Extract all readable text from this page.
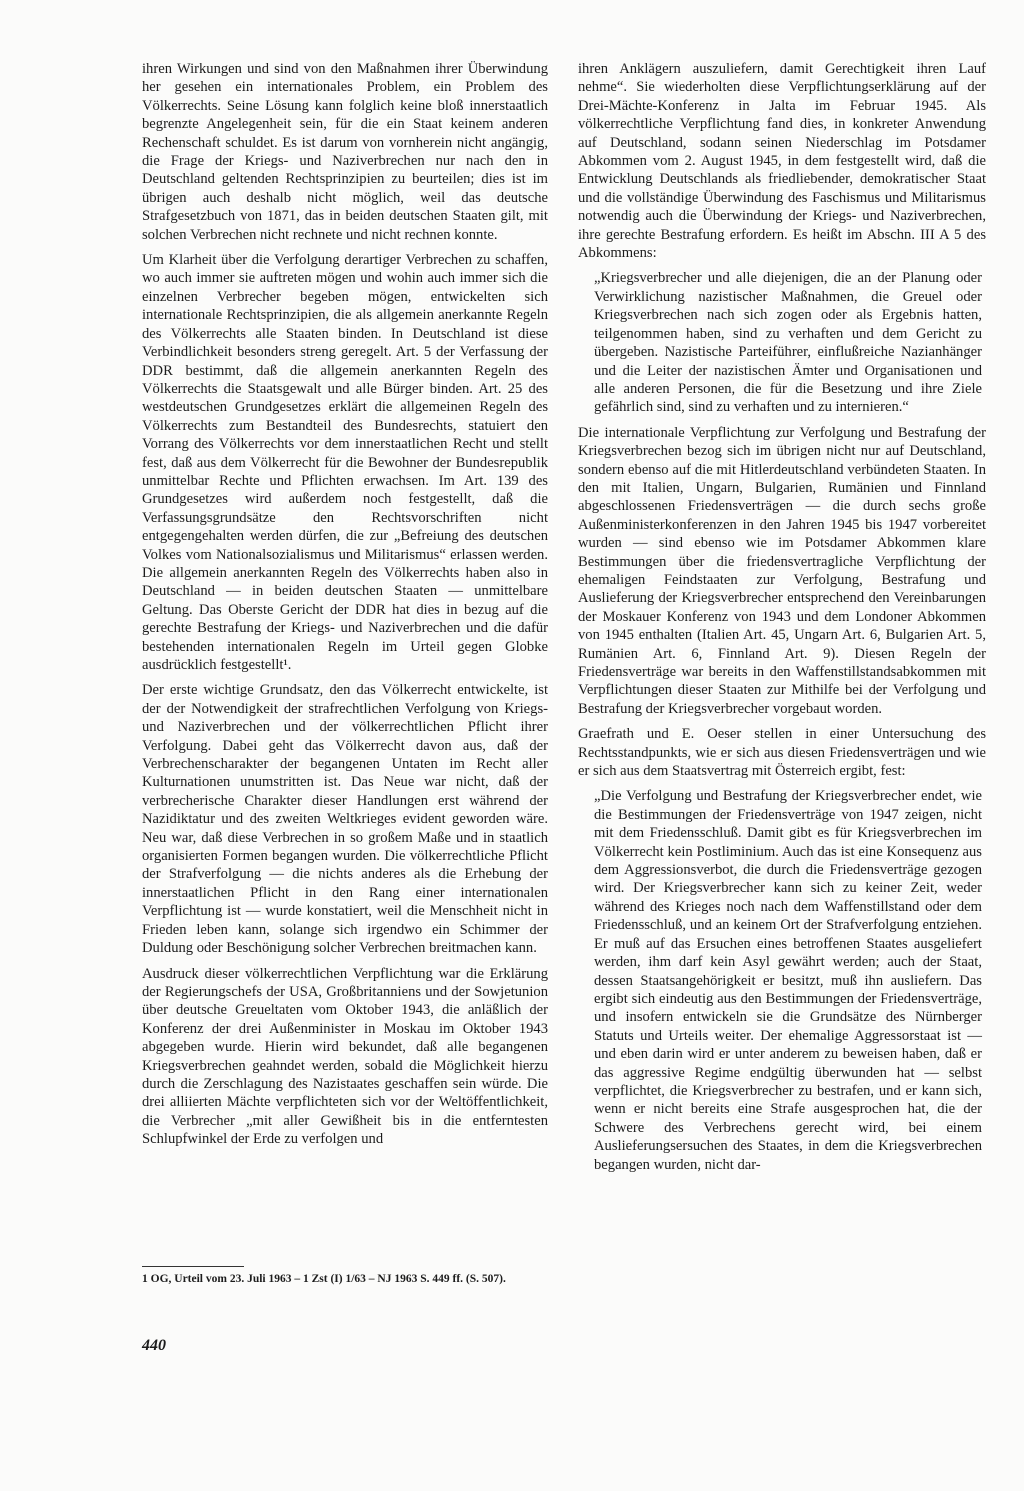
ihren Wirkungen und sind von den Maßnahmen ihrer Überwindung her gesehen ein internationales Problem, ein Problem des Völkerrechts. Seine Lösung kann folglich keine bloß innerstaatlich begrenzte Angelegenheit sein, für die ein Staat keinem anderen Rechenschaft schuldet. Es ist darum von vornherein nicht angängig, die Frage der Kriegs- und Naziverbrechen nur nach den in Deutschland geltenden Rechtsprinzipien zu beurteilen; dies ist im übrigen auch deshalb nicht möglich, weil das deutsche Strafgesetzbuch von 1871, das in beiden deutschen Staaten gilt, mit solchen Verbrechen nicht rechnete und nicht rechnen konnte.

Um Klarheit über die Verfolgung derartiger Verbrechen zu schaffen, wo auch immer sie auftreten mögen und wohin auch immer sich die einzelnen Verbrecher begeben mögen, entwickelten sich internationale Rechtsprinzipien, die als allgemein anerkannte Regeln des Völkerrechts alle Staaten binden. In Deutschland ist diese Verbindlichkeit besonders streng geregelt. Art. 5 der Verfassung der DDR bestimmt, daß die allgemein anerkannten Regeln des Völkerrechts die Staatsgewalt und alle Bürger binden. Art. 25 des westdeutschen Grundgesetzes erklärt die allgemeinen Regeln des Völkerrechts zum Bestandteil des Bundesrechts, statuiert den Vorrang des Völkerrechts vor dem innerstaatlichen Recht und stellt fest, daß aus dem Völkerrecht für die Bewohner der Bundesrepublik unmittelbar Rechte und Pflichten erwachsen. Im Art. 139 des Grundgesetzes wird außerdem noch festgestellt, daß die Verfassungsgrundsätze den Rechtsvorschriften nicht entgegengehalten werden dürfen, die zur „Befreiung des deutschen Volkes vom Nationalsozialismus und Militarismus“ erlassen werden. Die allgemein anerkannten Regeln des Völkerrechts haben also in Deutschland — in beiden deutschen Staaten — unmittelbare Geltung. Das Oberste Gericht der DDR hat dies in bezug auf die gerechte Bestrafung der Kriegs- und Naziverbrechen und die dafür bestehenden internationalen Regeln im Urteil gegen Globke ausdrücklich festgestellt¹.

Der erste wichtige Grundsatz, den das Völkerrecht entwickelte, ist der der Notwendigkeit der strafrechtlichen Verfolgung von Kriegs- und Naziverbrechen und der völkerrechtlichen Pflicht ihrer Verfolgung. Dabei geht das Völkerrecht davon aus, daß der Verbrechenscharakter der begangenen Untaten im Recht aller Kulturnationen unumstritten ist. Das Neue war nicht, daß der verbrecherische Charakter dieser Handlungen erst während der Nazidiktatur und des zweiten Weltkrieges evident geworden wäre. Neu war, daß diese Verbrechen in so großem Maße und in staatlich organisierten Formen begangen wurden. Die völkerrechtliche Pflicht der Strafverfolgung — die nichts anderes als die Erhebung der innerstaatlichen Pflicht in den Rang einer internationalen Verpflichtung ist — wurde konstatiert, weil die Menschheit nicht in Frieden leben kann, solange sich irgendwo ein Schimmer der Duldung oder Beschönigung solcher Verbrechen breitmachen kann.

Ausdruck dieser völkerrechtlichen Verpflichtung war die Erklärung der Regierungschefs der USA, Großbritanniens und der Sowjetunion über deutsche Greueltaten vom Oktober 1943, die anläßlich der Konferenz der drei Außenminister in Moskau im Oktober 1943 abgegeben wurde. Hierin wird bekundet, daß alle begangenen Kriegsverbrechen geahndet werden, sobald die Möglichkeit hierzu durch die Zerschlagung des Nazistaates geschaffen sein würde. Die drei alliierten Mächte verpflichteten sich vor der Weltöffentlichkeit, die Verbrecher „mit aller Gewißheit bis in die entferntesten Schlupfwinkel der Erde zu verfolgen und

ihren Anklägern auszuliefern, damit Gerechtigkeit ihren Lauf nehme“. Sie wiederholten diese Verpflichtungserklärung auf der Drei-Mächte-Konferenz in Jalta im Februar 1945. Als völkerrechtliche Verpflichtung fand dies, in konkreter Anwendung auf Deutschland, sodann seinen Niederschlag im Potsdamer Abkommen vom 2. August 1945, in dem festgestellt wird, daß die Entwicklung Deutschlands als friedliebender, demokratischer Staat und die vollständige Überwindung des Faschismus und Militarismus notwendig auch die Überwindung der Kriegs- und Naziverbrechen, ihre gerechte Bestrafung erfordern. Es heißt im Abschn. III A 5 des Abkommens:

„Kriegsverbrecher und alle diejenigen, die an der Planung oder Verwirklichung nazistischer Maßnahmen, die Greuel oder Kriegsverbrechen nach sich zogen oder als Ergebnis hatten, teilgenommen haben, sind zu verhaften und dem Gericht zu übergeben. Nazistische Parteiführer, einflußreiche Nazianhänger und die Leiter der nazistischen Ämter und Organisationen und alle anderen Personen, die für die Besetzung und ihre Ziele gefährlich sind, sind zu verhaften und zu internieren.“

Die internationale Verpflichtung zur Verfolgung und Bestrafung der Kriegsverbrechen bezog sich im übrigen nicht nur auf Deutschland, sondern ebenso auf die mit Hitlerdeutschland verbündeten Staaten. In den mit Italien, Ungarn, Bulgarien, Rumänien und Finnland abgeschlossenen Friedensverträgen — die durch sechs große Außenministerkonferenzen in den Jahren 1945 bis 1947 vorbereitet wurden — sind ebenso wie im Potsdamer Abkommen klare Bestimmungen über die friedensvertragliche Verpflichtung der ehemaligen Feindstaaten zur Verfolgung, Bestrafung und Auslieferung der Kriegsverbrecher entsprechend den Vereinbarungen der Moskauer Konferenz von 1943 und dem Londoner Abkommen von 1945 enthalten (Italien Art. 45, Ungarn Art. 6, Bulgarien Art. 5, Rumänien Art. 6, Finnland Art. 9). Diesen Regeln der Friedensverträge war bereits in den Waffenstillstandsabkommen mit Verpflichtungen dieser Staaten zur Mithilfe bei der Verfolgung und Bestrafung der Kriegsverbrecher vorgebaut worden.

Graefrath und E. Oeser stellen in einer Untersuchung des Rechtsstandpunkts, wie er sich aus diesen Friedensverträgen und wie er sich aus dem Staatsvertrag mit Österreich ergibt, fest:

„Die Verfolgung und Bestrafung der Kriegsverbrecher endet, wie die Bestimmungen der Friedensverträge von 1947 zeigen, nicht mit dem Friedensschluß. Damit gibt es für Kriegsverbrechen im Völkerrecht kein Postliminium. Auch das ist eine Konsequenz aus dem Aggressionsverbot, die durch die Friedensverträge gezogen wird. Der Kriegsverbrecher kann sich zu keiner Zeit, weder während des Krieges noch nach dem Waffenstillstand oder dem Friedensschluß, und an keinem Ort der Strafverfolgung entziehen. Er muß auf das Ersuchen eines betroffenen Staates ausgeliefert werden, ihm darf kein Asyl gewährt werden; auch der Staat, dessen Staatsangehörigkeit er besitzt, muß ihn ausliefern. Das ergibt sich eindeutig aus den Bestimmungen der Friedensverträge, und insofern entwickeln sie die Grundsätze des Nürnberger Statuts und Urteils weiter. Der ehemalige Aggressorstaat ist — und eben darin wird er unter anderem zu beweisen haben, daß er das aggressive Regime endgültig überwunden hat — selbst verpflichtet, die Kriegsverbrecher zu bestrafen, und er kann sich, wenn er nicht bereits eine Strafe ausgesprochen hat, die der Schwere des Verbrechens gerecht wird, bei einem Auslieferungsersuchen des Staates, in dem die Kriegsverbrechen begangen wurden, nicht dar-

1 OG, Urteil vom 23. Juli 1963 – 1 Zst (I) 1/63 – NJ 1963 S. 449 ff. (S. 507).

440
